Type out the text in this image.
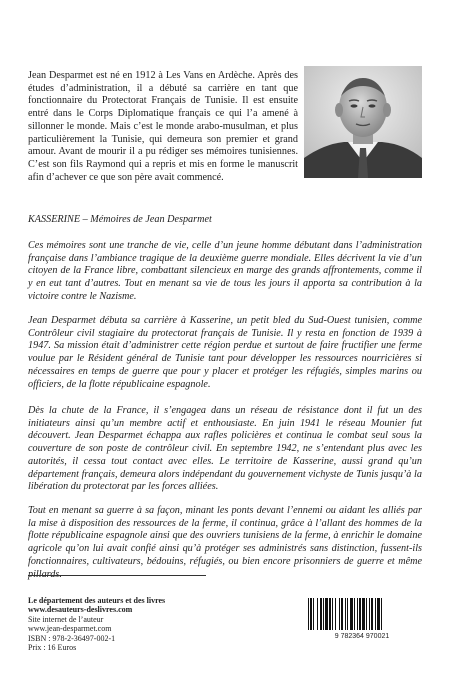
Jean Desparmet est né en 1912 à Les Vans en Ardèche. Après des études d’administration, il a débuté sa carrière en tant que fonctionnaire du Protectorat Français de Tunisie. Il est ensuite entré dans le Corps Diplomatique français ce qui l’a amené à sillonner le monde. Mais c’est le monde arabo-musulman, et plus particulièrement la Tunisie, qui demeura son premier et grand amour. Avant de mourir il a pu rédiger ses mémoires tunisiennes. C’est son fils Raymond qui a repris et mis en forme le manuscrit afin d’achever ce que son père avait commencé.

KASSERINE – Mémoires de Jean Desparmet

Ces mémoires sont une tranche de vie, celle d’un jeune homme débutant dans l’administration française dans l’ambiance tragique de la deuxième guerre mondiale. Elles décrivent la vie d’un citoyen de la France libre, combattant silencieux en marge des grands affrontements, comme il y en eut tant d’autres. Tout en menant sa vie de tous les jours il apporta sa contribution à la victoire contre le Nazisme.

Jean Desparmet débuta sa carrière à Kasserine, un petit bled du Sud-Ouest tunisien, comme Contrôleur civil stagiaire du protectorat français de Tunisie. Il y resta en fonction de 1939 à 1947. Sa mission était d’administrer cette région perdue et surtout de faire fructifier une ferme voulue par le Résident général de Tunisie tant pour développer les ressources nourricières si nécessaires en temps de guerre que pour y placer et protéger les réfugiés, simples marins ou officiers, de la flotte républicaine espagnole.

Dès la chute de la France, il s’engagea dans un réseau de résistance dont il fut un des initiateurs ainsi qu’un membre actif et enthousiaste. En juin 1941 le réseau Mounier fut découvert. Jean Desparmet échappa aux rafles policières et continua le combat seul sous la couverture de son poste de contrôleur civil. En septembre 1942, ne s’entendant plus avec les autorités, il cessa tout contact avec elles. Le territoire de Kasserine, aussi grand qu’un département français, demeura alors indépendant du gouvernement vichyste de Tunis jusqu’à la libération du protectorat par les forces alliées.

Tout en menant sa guerre à sa façon, minant les ponts devant l’ennemi ou aidant les alliés par la mise à disposition des ressources de la ferme, il continua, grâce à l’allant des hommes de la flotte républicaine espagnole ainsi que des ouvriers tunisiens de la ferme, à enrichir le domaine agricole qu’on lui avait confié ainsi qu’à protéger ses administrés sans distinction, fussent-ils fonctionnaires, cultivateurs, bédouins, réfugiés, ou bien encore prisonniers de guerre et même pillards.

Le département des auteurs et des livres
www.desauteurs-deslivres.com
Site internet de l’auteur
www.jean-desparmet.com
ISBN : 978-2-36497-002-1
Prix : 16 Euros
9 782364 970021
